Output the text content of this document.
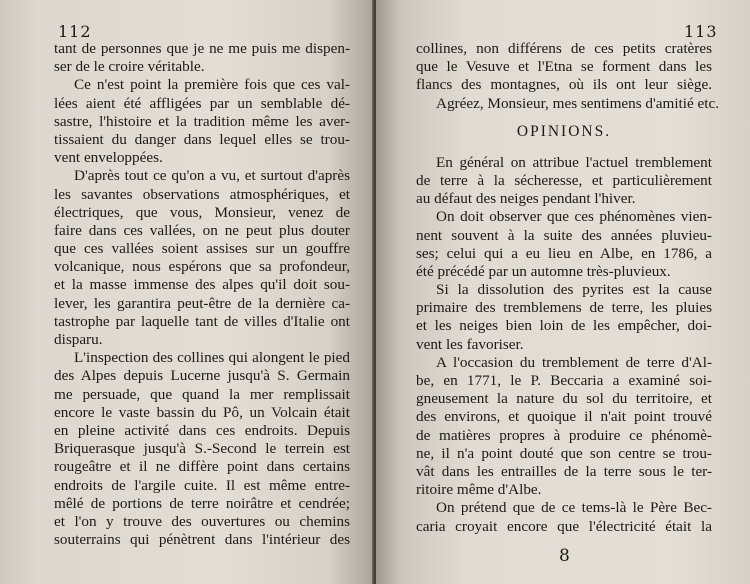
112
tant de personnes que je ne me puis me dispen-
ser de le croire véritable.
Ce n'est point la première fois que ces val-
lées aient été affligées par un semblable dé-
sastre, l'histoire et la tradition même les aver-
tissaient du danger dans lequel elles se trou-
vent enveloppées.
D'après tout ce qu'on a vu, et surtout d'après
les savantes observations atmosphériques, et
électriques, que vous, Monsieur, venez de
faire dans ces vallées, on ne peut plus douter
que ces vallées soient assises sur un gouffre
volcanique, nous espérons que sa profondeur,
et la masse immense des alpes qu'il doit sou-
lever, les garantira peut-être de la dernière ca-
tastrophe par laquelle tant de villes d'Italie ont
disparu.
L'inspection des collines qui alongent le pied
des Alpes depuis Lucerne jusqu'à S. Germain
me persuade, que quand la mer remplissait
encore le vaste bassin du Pô, un Volcain était
en pleine activité dans ces endroits. Depuis
Briquerasque jusqu'à S.-Second le terrein est
rougeâtre et il ne diffère point dans certains
endroits de l'argile cuite. Il est même entre-
mêlé de portions de terre noirâtre et cendrée;
et l'on y trouve des ouvertures ou chemins
souterrains qui pénètrent dans l'intérieur des
113
collines, non différens de ces petits cratères
que le Vesuve et l'Etna se forment dans les
flancs des montagnes, où ils ont leur siège.
Agréez, Monsieur, mes sentimens d'amitié etc.
OPINIONS.
En général on attribue l'actuel tremblement
de terre à la sécheresse, et particulièrement
au défaut des neiges pendant l'hiver.
On doit observer que ces phénomènes vien-
nent souvent à la suite des années pluvieu-
ses; celui qui a eu lieu en Albe, en 1786, a
été précédé par un automne très-pluvieux.
Si la dissolution des pyrites est la cause
primaire des tremblemens de terre, les pluies
et les neiges bien loin de les empêcher, doi-
vent les favoriser.
A l'occasion du tremblement de terre d'Al-
be, en 1771, le P. Beccaria a examiné soi-
gneusement la nature du sol du territoire, et
des environs, et quoique il n'ait point trouvé
de matières propres à produire ce phénomè-
ne, il n'a point douté que son centre se trou-
vât dans les entrailles de la terre sous le ter-
ritoire même d'Albe.
On prétend que de ce tems-là le Père Bec-
caria croyait encore que l'électricité était la
8
